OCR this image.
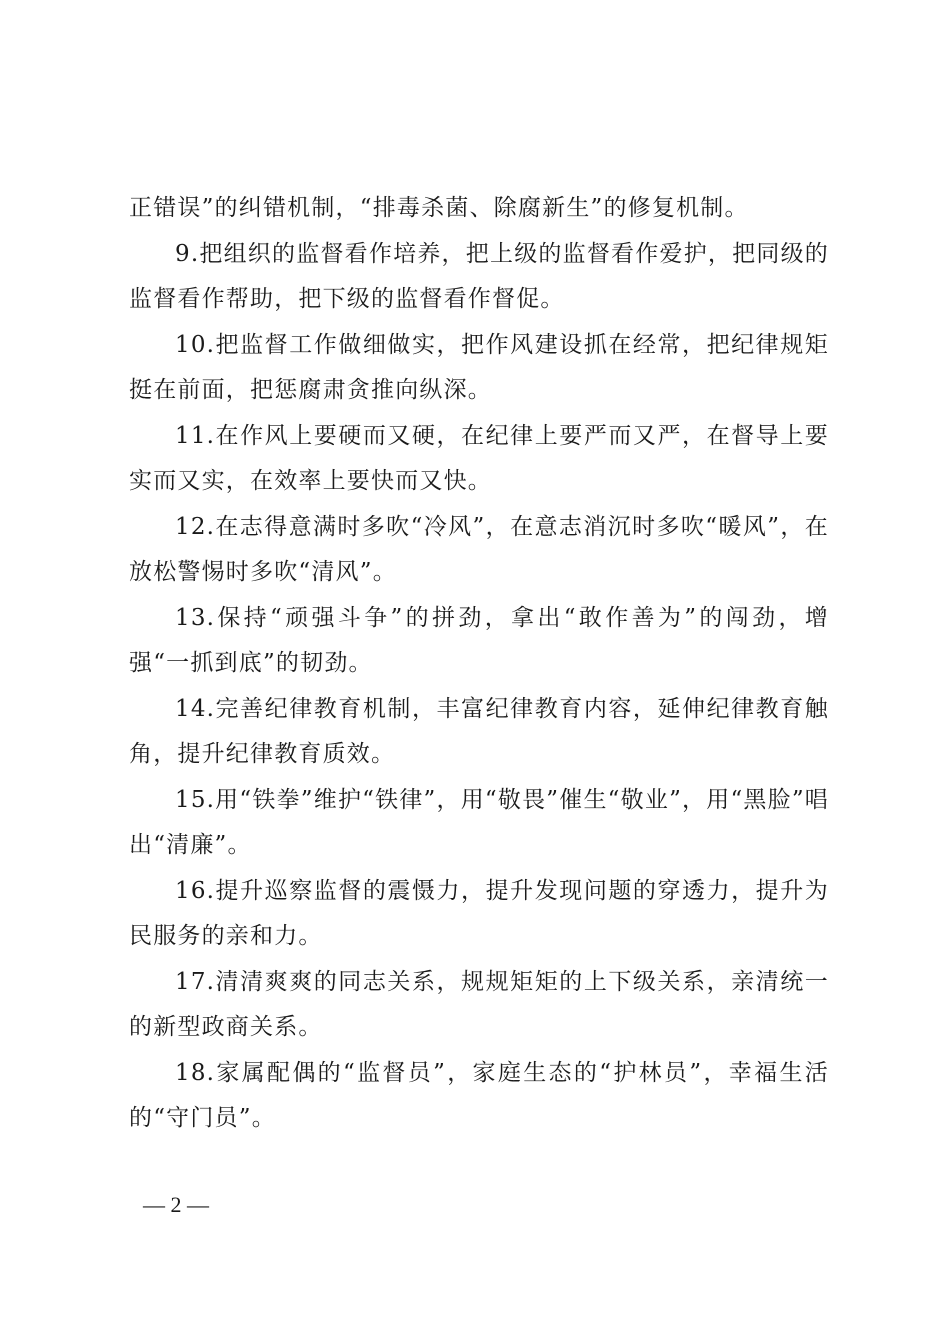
正错误”的纠错机制，“排毒杀菌、除腐新生”的修复机制。

9.把组织的监督看作培养，把上级的监督看作爱护，把同级的监督看作帮助，把下级的监督看作督促。

10.把监督工作做细做实，把作风建设抓在经常，把纪律规矩挺在前面，把惩腐肃贪推向纵深。

11.在作风上要硬而又硬，在纪律上要严而又严，在督导上要实而又实，在效率上要快而又快。

12.在志得意满时多吹“冷风”，在意志消沉时多吹“暖风”，在放松警惕时多吹“清风”。

13.保持“顽强斗争”的拼劲，拿出“敢作善为”的闯劲，增强“一抓到底”的韧劲。

14.完善纪律教育机制，丰富纪律教育内容，延伸纪律教育触角，提升纪律教育质效。

15.用“铁拳”维护“铁律”，用“敬畏”催生“敬业”，用“黑脸”唱出“清廉”。

16.提升巡察监督的震慑力，提升发现问题的穿透力，提升为民服务的亲和力。

17.清清爽爽的同志关系，规规矩矩的上下级关系，亲清统一的新型政商关系。

18.家属配偶的“监督员”，家庭生态的“护林员”，幸福生活的“守门员”。

— 2 —
